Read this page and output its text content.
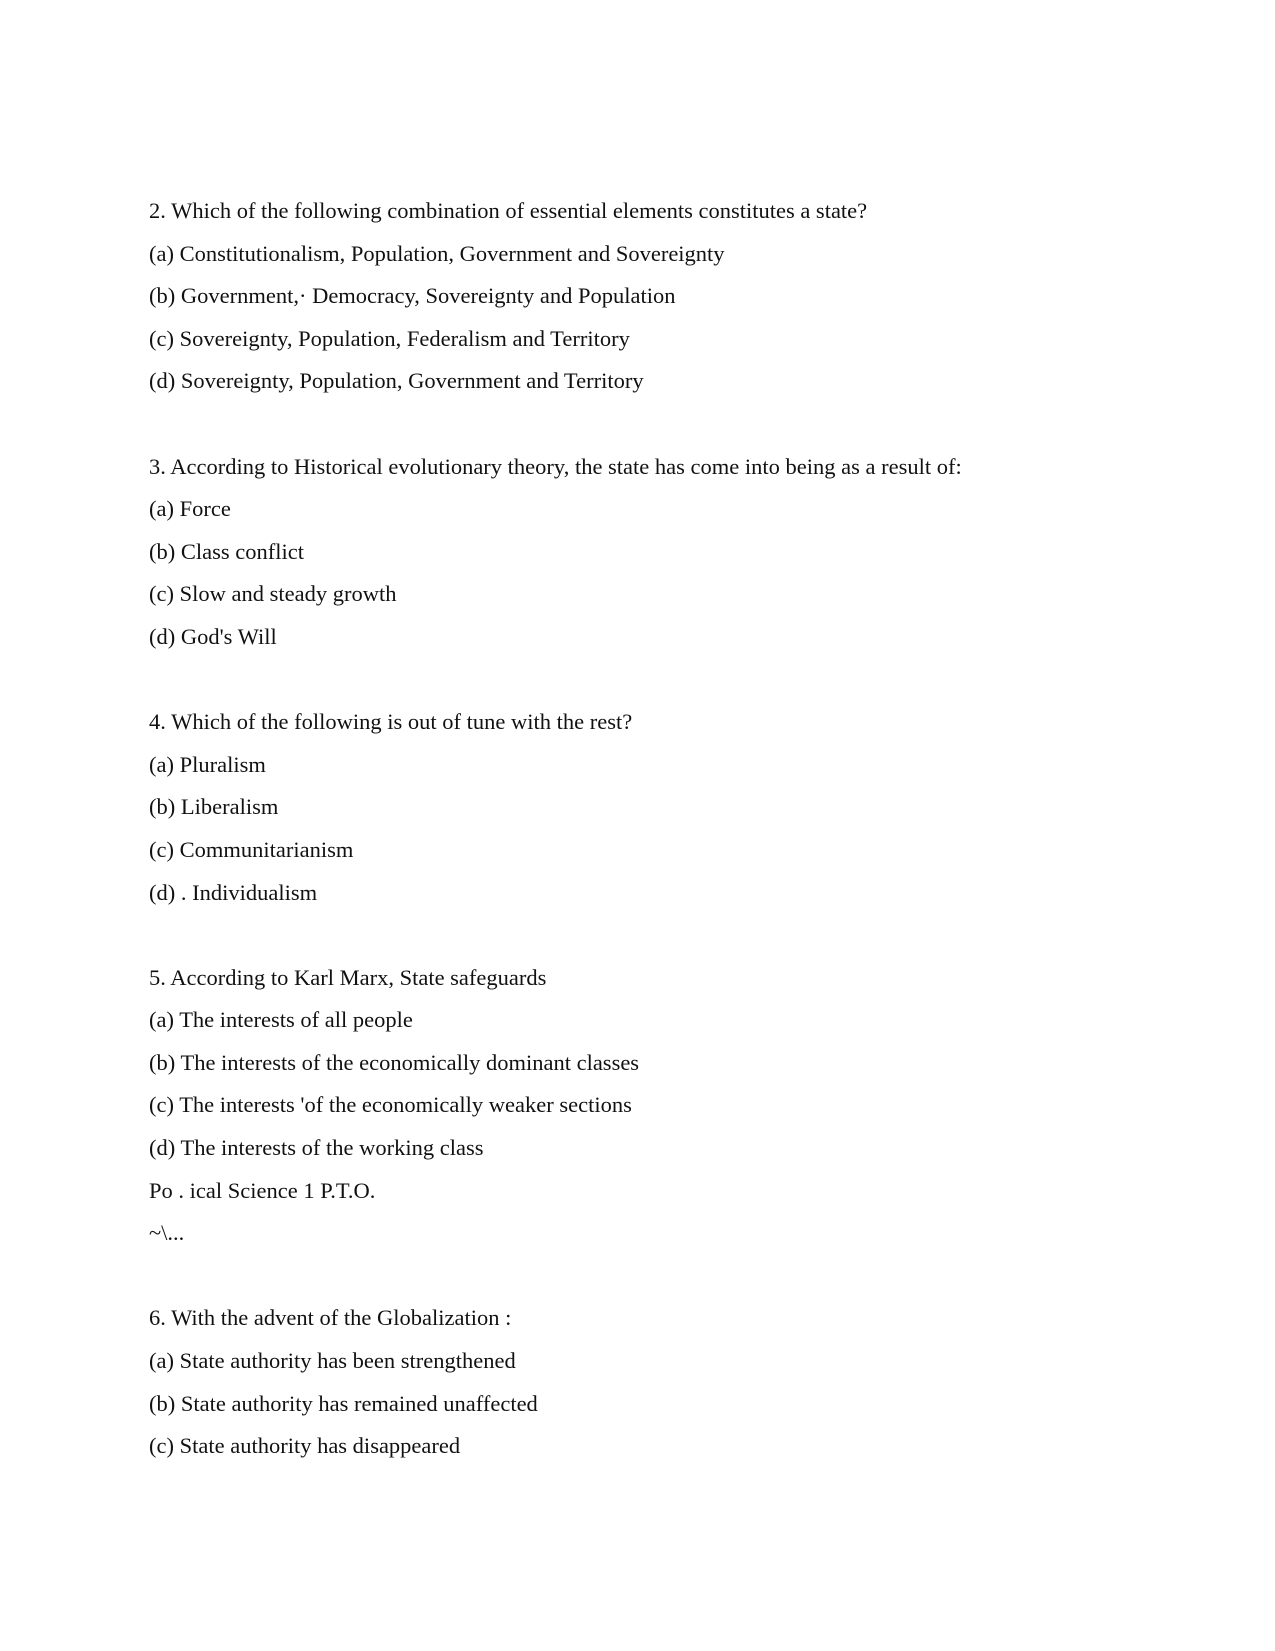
2. Which of the following combination of essential elements constitutes a state?
(a) Constitutionalism, Population, Government and Sovereignty
(b) Government,· Democracy, Sovereignty and Population
(c) Sovereignty, Population, Federalism and Territory
(d) Sovereignty, Population, Government and Territory
3. According to Historical evolutionary theory, the state has come into being as a result of:
(a) Force
(b) Class conflict
(c) Slow and steady growth
(d) God's Will
4. Which of the following is out of tune with the rest?
(a) Pluralism
(b) Liberalism
(c) Communitarianism
(d) . Individualism
5. According to Karl Marx, State safeguards
(a) The interests of all people
(b) The interests of the economically dominant classes
(c) The interests 'of the economically weaker sections
(d) The interests of the working class
Po . ical Science 1 P.T.O.
~\...
6. With the advent of the Globalization :
(a) State authority has been strengthened
(b) State authority has remained unaffected
(c) State authority has disappeared
